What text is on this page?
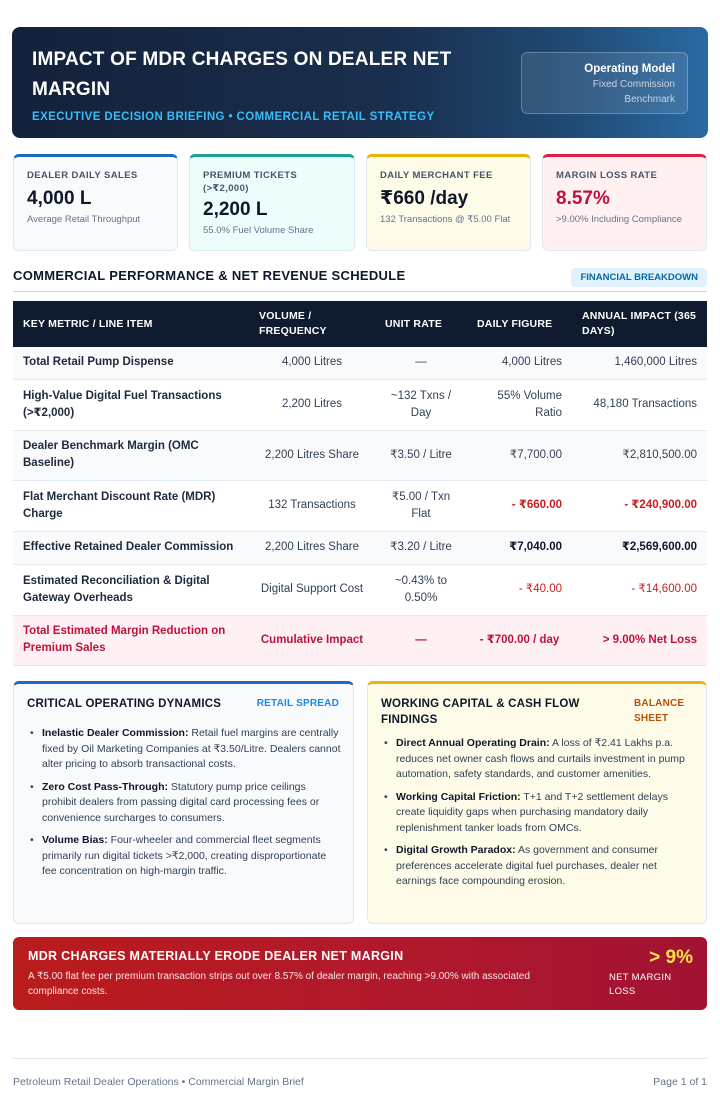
IMPACT OF MDR CHARGES ON DEALER NET MARGIN
EXECUTIVE DECISION BRIEFING • COMMERCIAL RETAIL STRATEGY
Operating Model
Fixed Commission
Benchmark
DEALER DAILY SALES
4,000 L
Average Retail Throughput
PREMIUM TICKETS (>₹2,000)
2,200 L
55.0% Fuel Volume Share
DAILY MERCHANT FEE
₹660 /day
132 Transactions @ ₹5.00 Flat
MARGIN LOSS RATE
8.57%
>9.00% Including Compliance
COMMERCIAL PERFORMANCE & NET REVENUE SCHEDULE	FINANCIAL BREAKDOWN
KEY METRIC / LINE ITEM	VOLUME / FREQUENCY	UNIT RATE	DAILY FIGURE	ANNUAL IMPACT (365 DAYS)
Total Retail Pump Dispense	4,000 Litres	—	4,000 Litres	1,460,000 Litres
High-Value Digital Fuel Transactions (>₹2,000)	2,200 Litres	~132 Txns / Day	55% Volume Ratio	48,180 Transactions
Dealer Benchmark Margin (OMC Baseline)	2,200 Litres Share	₹3.50 / Litre	₹7,700.00	₹2,810,500.00
Flat Merchant Discount Rate (MDR) Charge	132 Transactions	₹5.00 / Txn Flat	- ₹660.00	- ₹240,900.00
Effective Retained Dealer Commission	2,200 Litres Share	₹3.20 / Litre	₹7,040.00	₹2,569,600.00
Estimated Reconciliation & Digital Gateway Overheads	Digital Support Cost	~0.43% to 0.50%	- ₹40.00	- ₹14,600.00
Total Estimated Margin Reduction on Premium Sales	Cumulative Impact	—	- ₹700.00 / day	> 9.00% Net Loss
CRITICAL OPERATING DYNAMICS	RETAIL SPREAD
• Inelastic Dealer Commission: Retail fuel margins are centrally fixed by Oil Marketing Companies at ₹3.50/Litre. Dealers cannot alter pricing to absorb transactional costs.
• Zero Cost Pass-Through: Statutory pump price ceilings prohibit dealers from passing digital card processing fees or convenience surcharges to consumers.
• Volume Bias: Four-wheeler and commercial fleet segments primarily run digital tickets >₹2,000, creating disproportionate fee concentration on high-margin traffic.
WORKING CAPITAL & CASH FLOW FINDINGS
BALANCE SHEET
• Direct Annual Operating Drain: A loss of ₹2.41 Lakhs p.a. reduces net owner cash flows and curtails investment in pump automation, safety standards, and customer amenities.
• Working Capital Friction: T+1 and T+2 settlement delays create liquidity gaps when purchasing mandatory daily replenishment tanker loads from OMCs.
• Digital Growth Paradox: As government and consumer preferences accelerate digital fuel purchases, dealer net earnings face compounding erosion.
MDR CHARGES MATERIALLY ERODE DEALER NET MARGIN
A ₹5.00 flat fee per premium transaction strips out over 8.57% of dealer margin, reaching >9.00% with associated compliance costs.
> 9%
NET MARGIN LOSS
Petroleum Retail Dealer Operations • Commercial Margin Brief	Page 1 of 1
